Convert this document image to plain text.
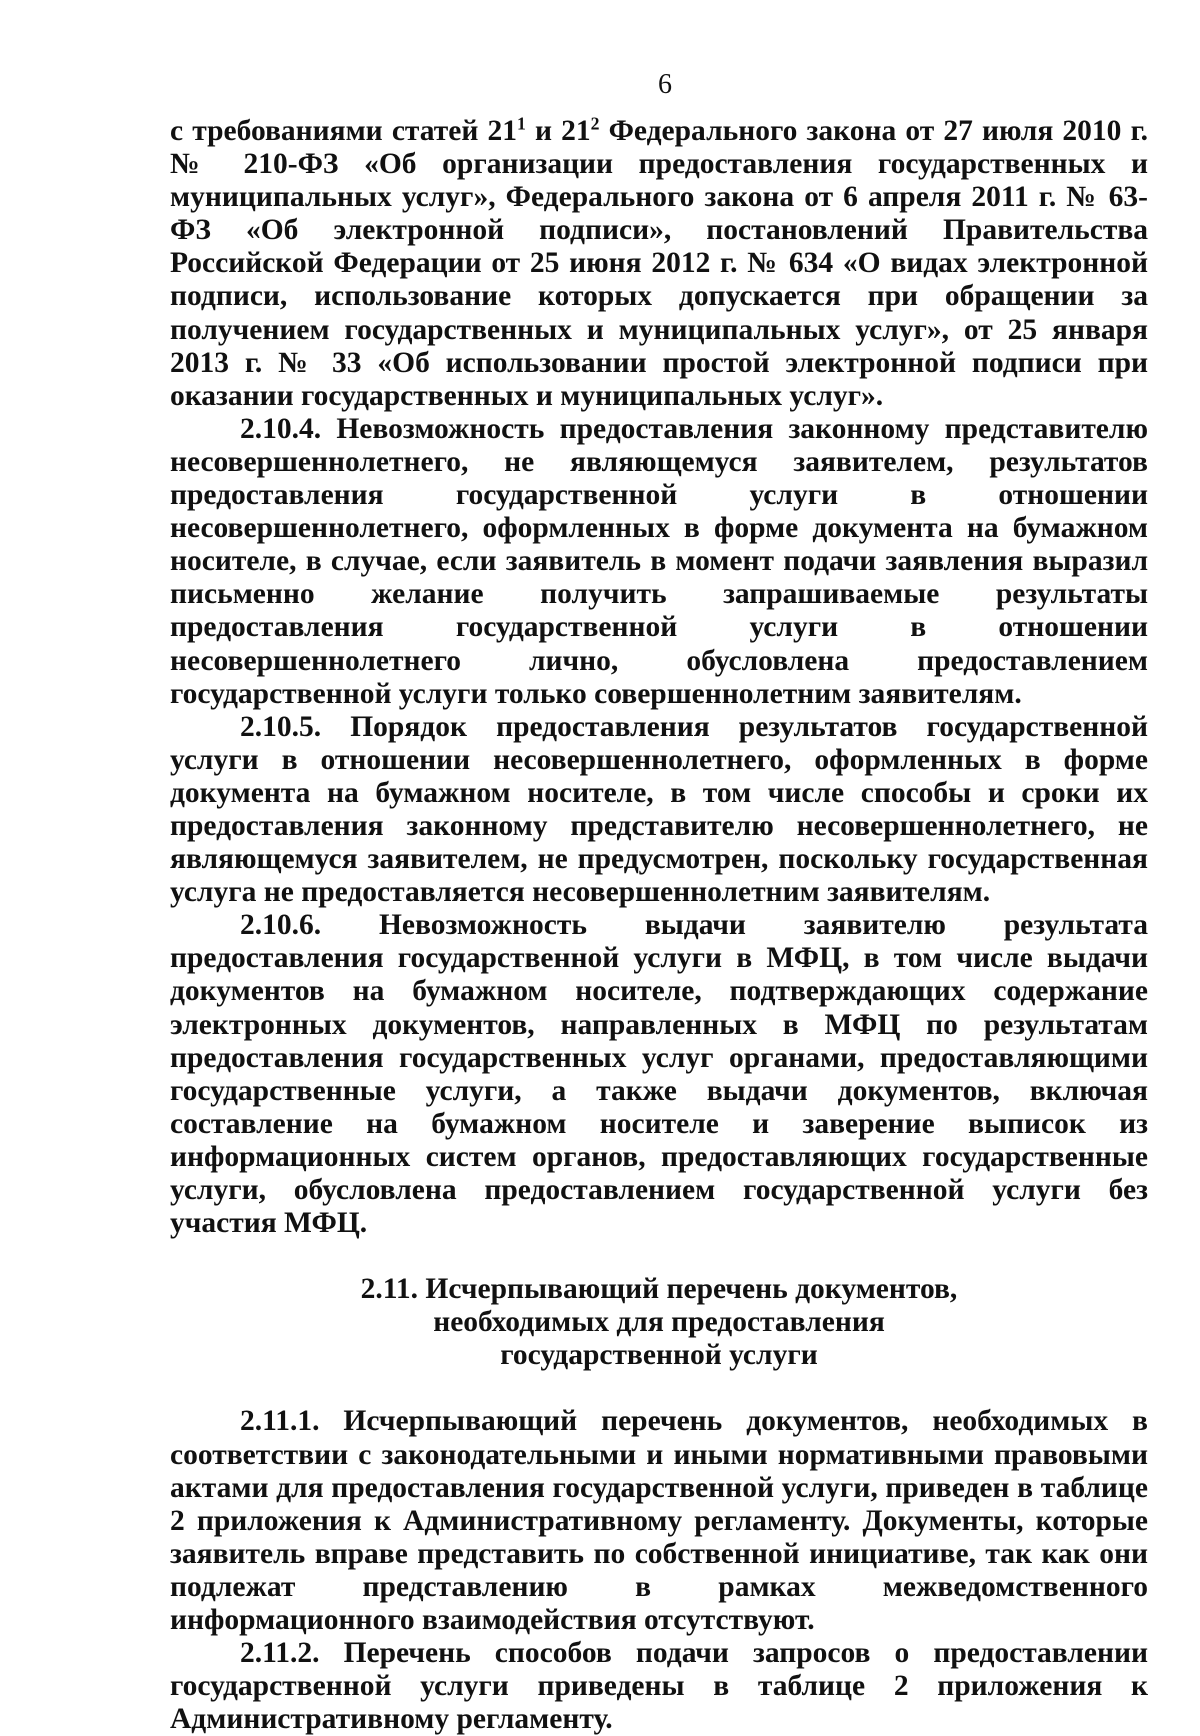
6

с требованиями статей $21^1$ и $21^2$ Федерального закона от 27 июля 2010 г. № 210-ФЗ «Об организации предоставления государственных и муниципальных услуг», Федерального закона от 6 апреля 2011 г. № 63-ФЗ «Об электронной подписи», постановлений Правительства Российской Федерации от 25 июня 2012 г. № 634 «О видах электронной подписи, использование которых допускается при обращении за получением государственных и муниципальных услуг», от 25 января 2013 г. № 33 «Об использовании простой электронной подписи при оказании государственных и муниципальных услуг».

2.10.4. Невозможность предоставления законному представителю несовершеннолетнего, не являющемуся заявителем, результатов предоставления государственной услуги в отношении несовершеннолетнего, оформленных в форме документа на бумажном носителе, в случае, если заявитель в момент подачи заявления выразил письменно желание получить запрашиваемые результаты предоставления государственной услуги в отношении несовершеннолетнего лично, обусловлена предоставлением государственной услуги только совершеннолетним заявителям.

2.10.5. Порядок предоставления результатов государственной услуги в отношении несовершеннолетнего, оформленных в форме документа на бумажном носителе, в том числе способы и сроки их предоставления законному представителю несовершеннолетнего, не являющемуся заявителем, не предусмотрен, поскольку государственная услуга не предоставляется несовершеннолетним заявителям.

2.10.6. Невозможность выдачи заявителю результата предоставления государственной услуги в МФЦ, в том числе выдачи документов на бумажном носителе, подтверждающих содержание электронных документов, направленных в МФЦ по результатам предоставления государственных услуг органами, предоставляющими государственные услуги, а также выдачи документов, включая составление на бумажном носителе и заверение выписок из информационных систем органов, предоставляющих государственные услуги, обусловлена предоставлением государственной услуги без участия МФЦ.

2.11. Исчерпывающий перечень документов,
необходимых для предоставления
государственной услуги

2.11.1. Исчерпывающий перечень документов, необходимых в соответствии с законодательными и иными нормативными правовыми актами для предоставления государственной услуги, приведен в таблице 2 приложения к Административному регламенту. Документы, которые заявитель вправе представить по собственной инициативе, так как они подлежат представлению в рамках межведомственного информационного взаимодействия отсутствуют.

2.11.2. Перечень способов подачи запросов о предоставлении государственной услуги приведены в таблице 2 приложения к Административному регламенту.
